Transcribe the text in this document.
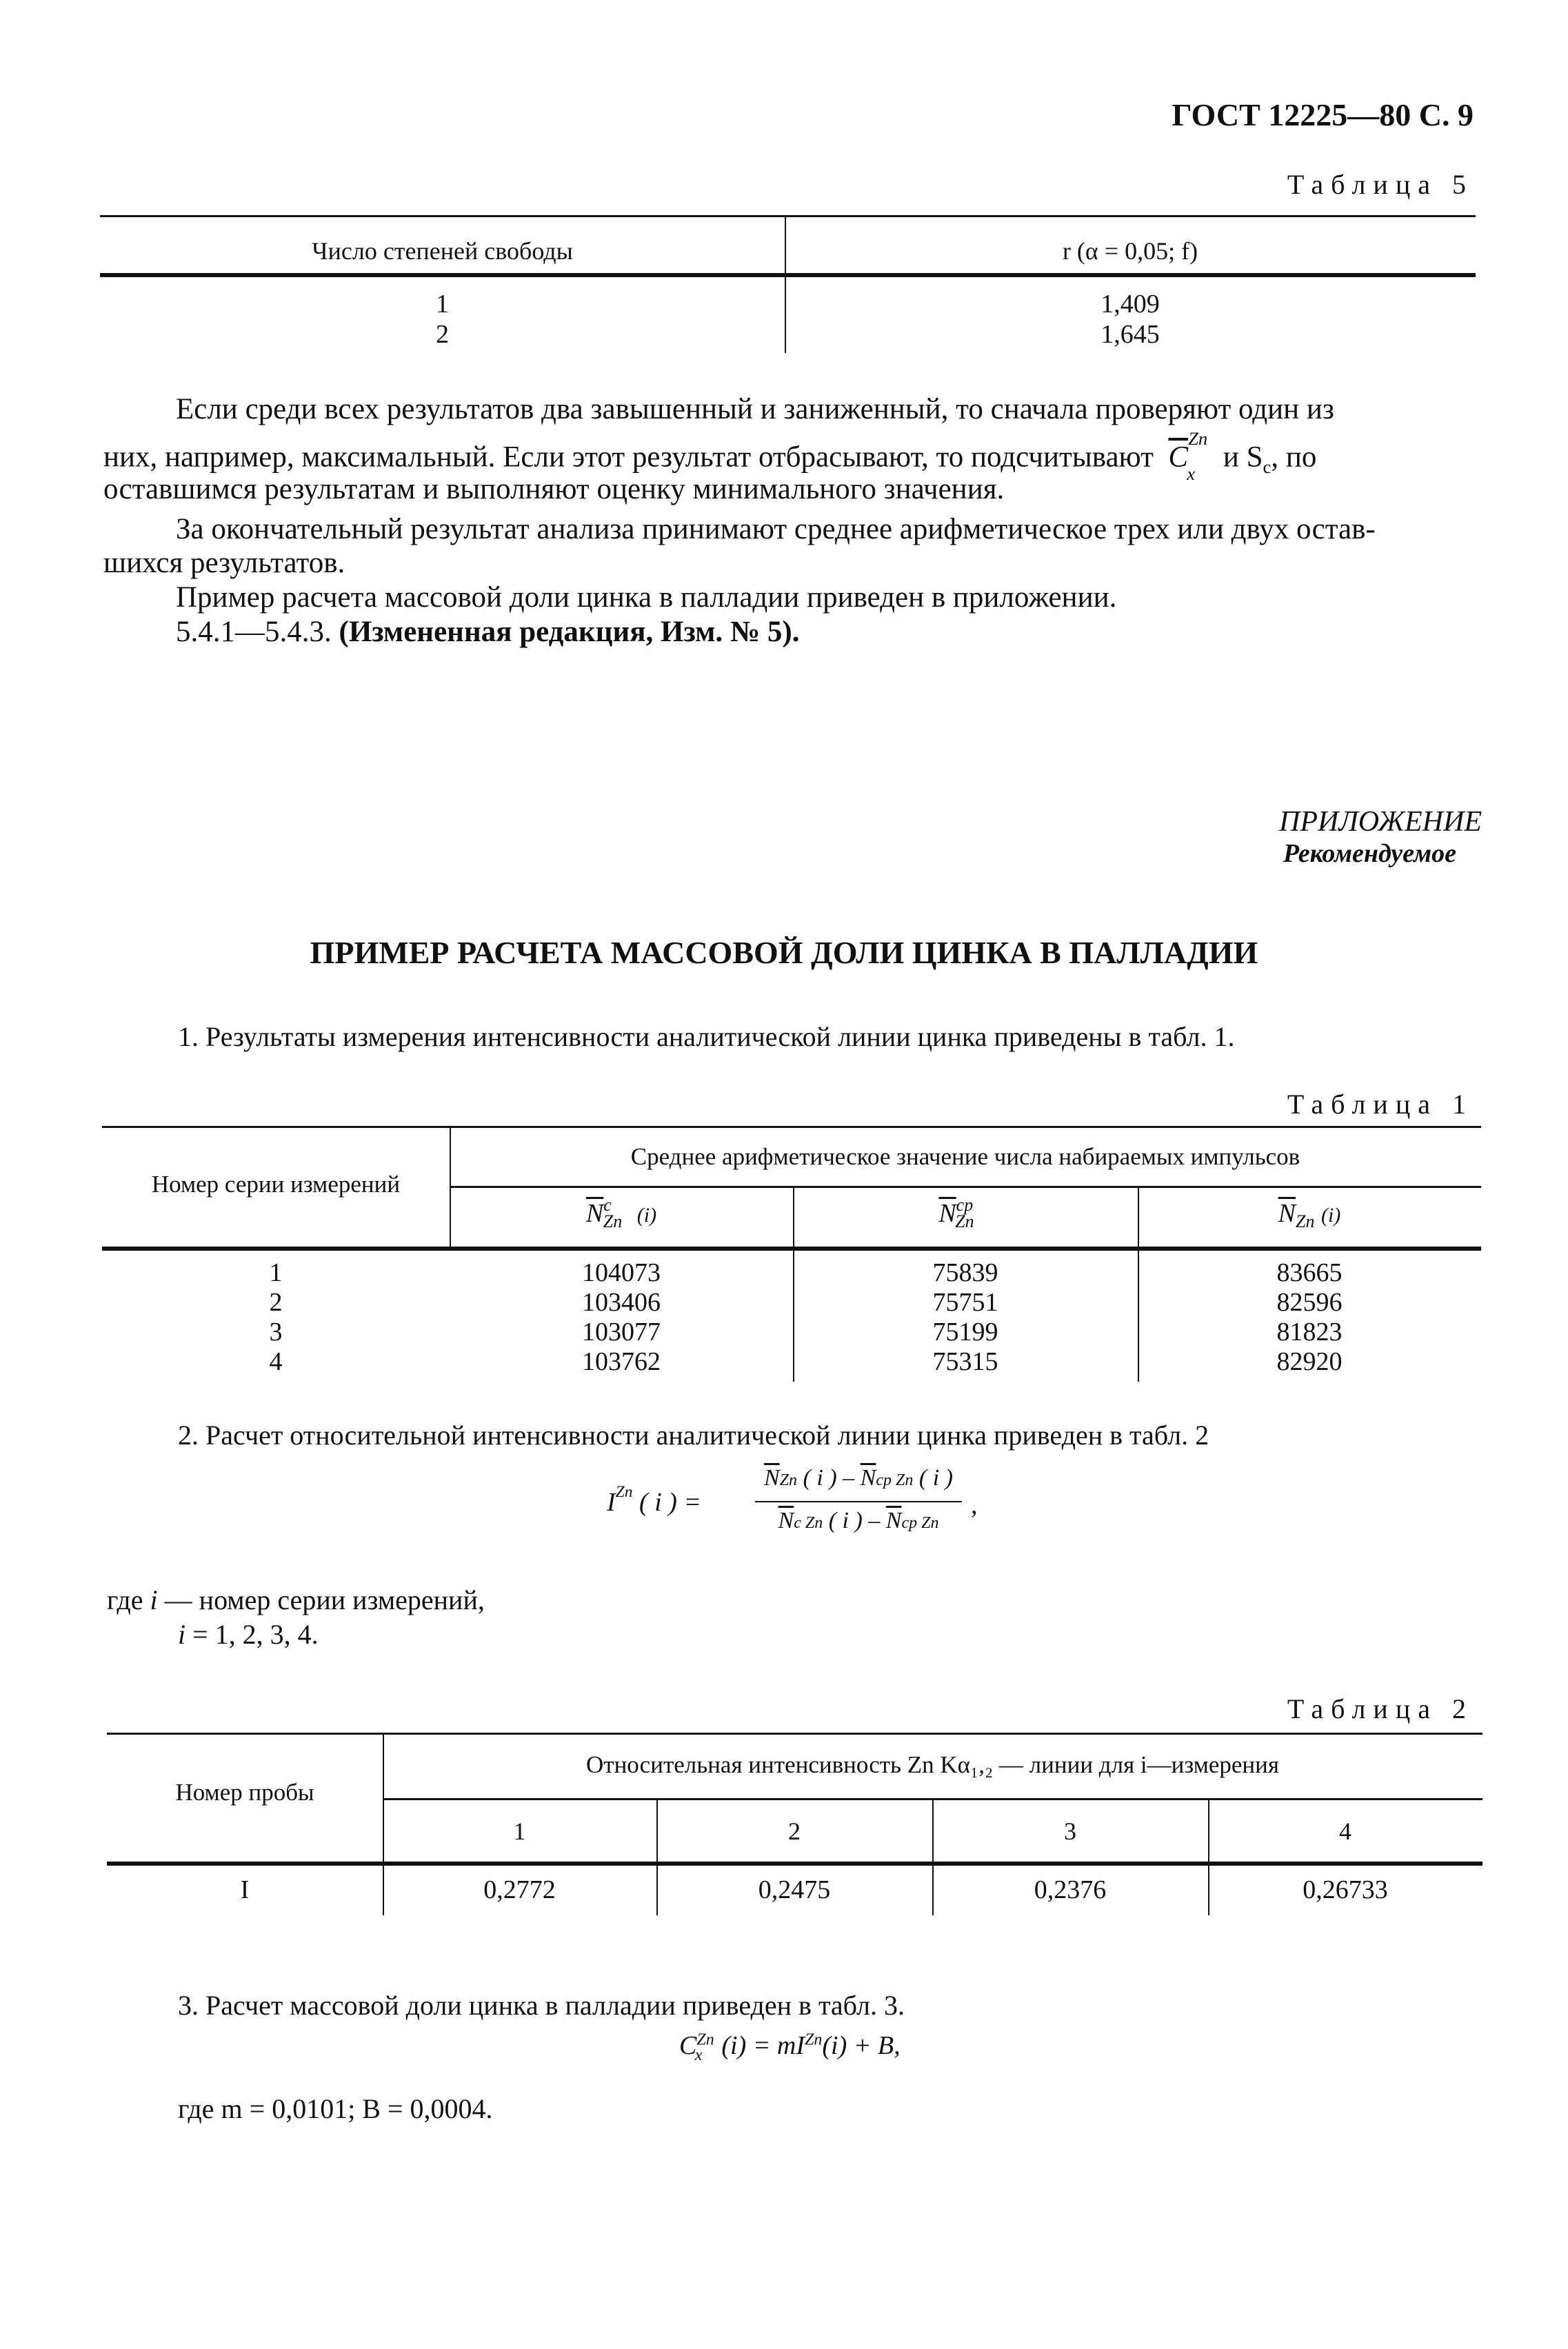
ГОСТ 12225—80 С. 9
Таблица 5
Число степеней свободы	r (α = 0,05; f)
1	1,409
2	1,645
Если среди всех результатов два завышенный и заниженный, то сначала проверяют один из
них, например, максимальный. Если этот результат отбрасывают, то подсчитывают $\overline{C}^{Zn}_x$ и $S_c$, по
оставшимся результатам и выполняют оценку минимального значения.
За окончательный результат анализа принимают среднее арифметическое трех или двух остав-
шихся результатов.
Пример расчета массовой доли цинка в палладии приведен в приложении.
5.4.1—5.4.3. (Измененная редакция, Изм. № 5).
ПРИЛОЖЕНИЕ
Рекомендуемое
ПРИМЕР РАСЧЕТА МАССОВОЙ ДОЛИ ЦИНКА В ПАЛЛАДИИ
1. Результаты измерения интенсивности аналитической линии цинка приведены в табл. 1.
Таблица 1
Номер серии измерений
Среднее арифметическое значение числа набираемых импульсов
$\overline{N}^c_{Zn}$ (i)	$\overline{N}^{cp}_{Zn}$	$\overline{N}_{Zn}$ (i)
1	104073	75839	83665
2	103406	75751	82596
3	103077	75199	81823
4	103762	75315	82920
2. Расчет относительной интенсивности аналитической линии цинка приведен в табл. 2
$I^{Zn}$ ( i ) =
$\overline{N}Zn$ ( i ) – $\overline{N}cp$ Zn ( i )
$\overline{N}c$ Zn ( i ) – $\overline{N}cp$ Zn
,
где i — номер серии измерений,
i = 1, 2, 3, 4.
Таблица 2
Номер пробы
Относительная интенсивность Zn Kα₁,₂ — линии для i—измерения
1	2	3	4
I	0,2772	0,2475	0,2376	0,26733
3. Расчет массовой доли цинка в палладии приведен в табл. 3.
$C^{Zn}_x$ $(i) = mI^{Zn}(i) + B$,
где m = 0,0101; B = 0,0004.
